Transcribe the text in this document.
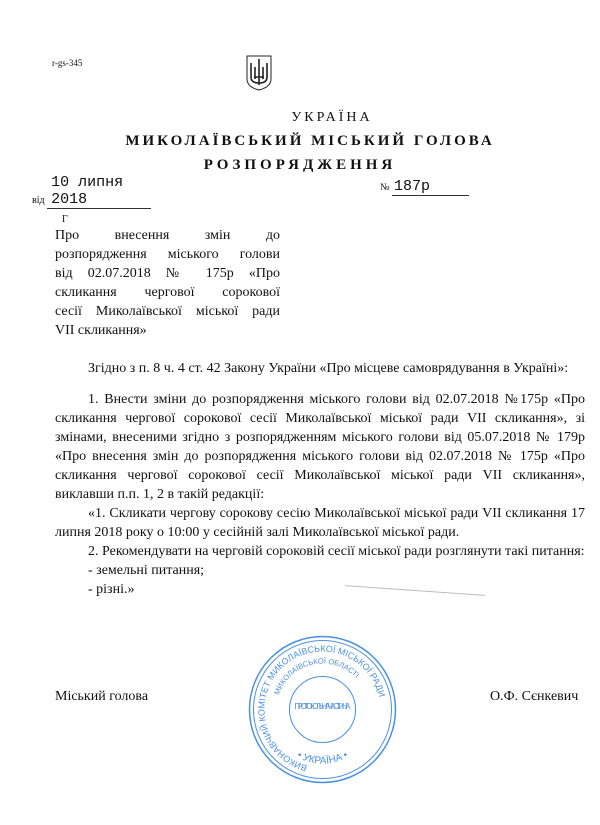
r-gs-345
УКРАЇНА
МИКОЛАЇВСЬКИЙ МІСЬКИЙ ГОЛОВА
РОЗПОРЯДЖЕННЯ
від 10 липня 2018
№ 187р
Г
Про внесення змін до
розпорядження міського голови
від 02.07.2018 № 175р «Про
скликання чергової сорокової
сесії Миколаївської міської ради
VII скликання»

Згідно з п. 8 ч. 4 ст. 42 Закону України «Про місцеве самоврядування в Україні»:

1. Внести зміни до розпорядження міського голови від 02.07.2018 №175р «Про скликання чергової сорокової сесії Миколаївської міської ради VII скликання», зі змінами, внесеними згідно з розпорядженням міського голови від 05.07.2018 № 179р «Про внесення змін до розпорядження міського голови від 02.07.2018 № 175р «Про скликання чергової сорокової сесії Миколаївської міської ради VII скликання», виклавши п.п. 1, 2 в такій редакції:

«1. Скликати чергову сорокову сесію Миколаївської міської ради VII скликання 17 липня 2018 року о 10:00 у сесійній залі Миколаївської міської ради.

2. Рекомендувати на черговій сороковій сесії міської ради розглянути такі питання:

- земельні питання;

- різні.»

ВИКОНАВЧИЙ КОМІТЕТ МИКОЛАЇВСЬКОЇ МІСЬКОЇ РАДИ
МИКОЛАЇВСЬКОЇ ОБЛАСТІ
• УКРАЇНА •
ПРОТОКОЛЬНА ЧАСТИНА
Міський голова	О.Ф. Сєнкевич
